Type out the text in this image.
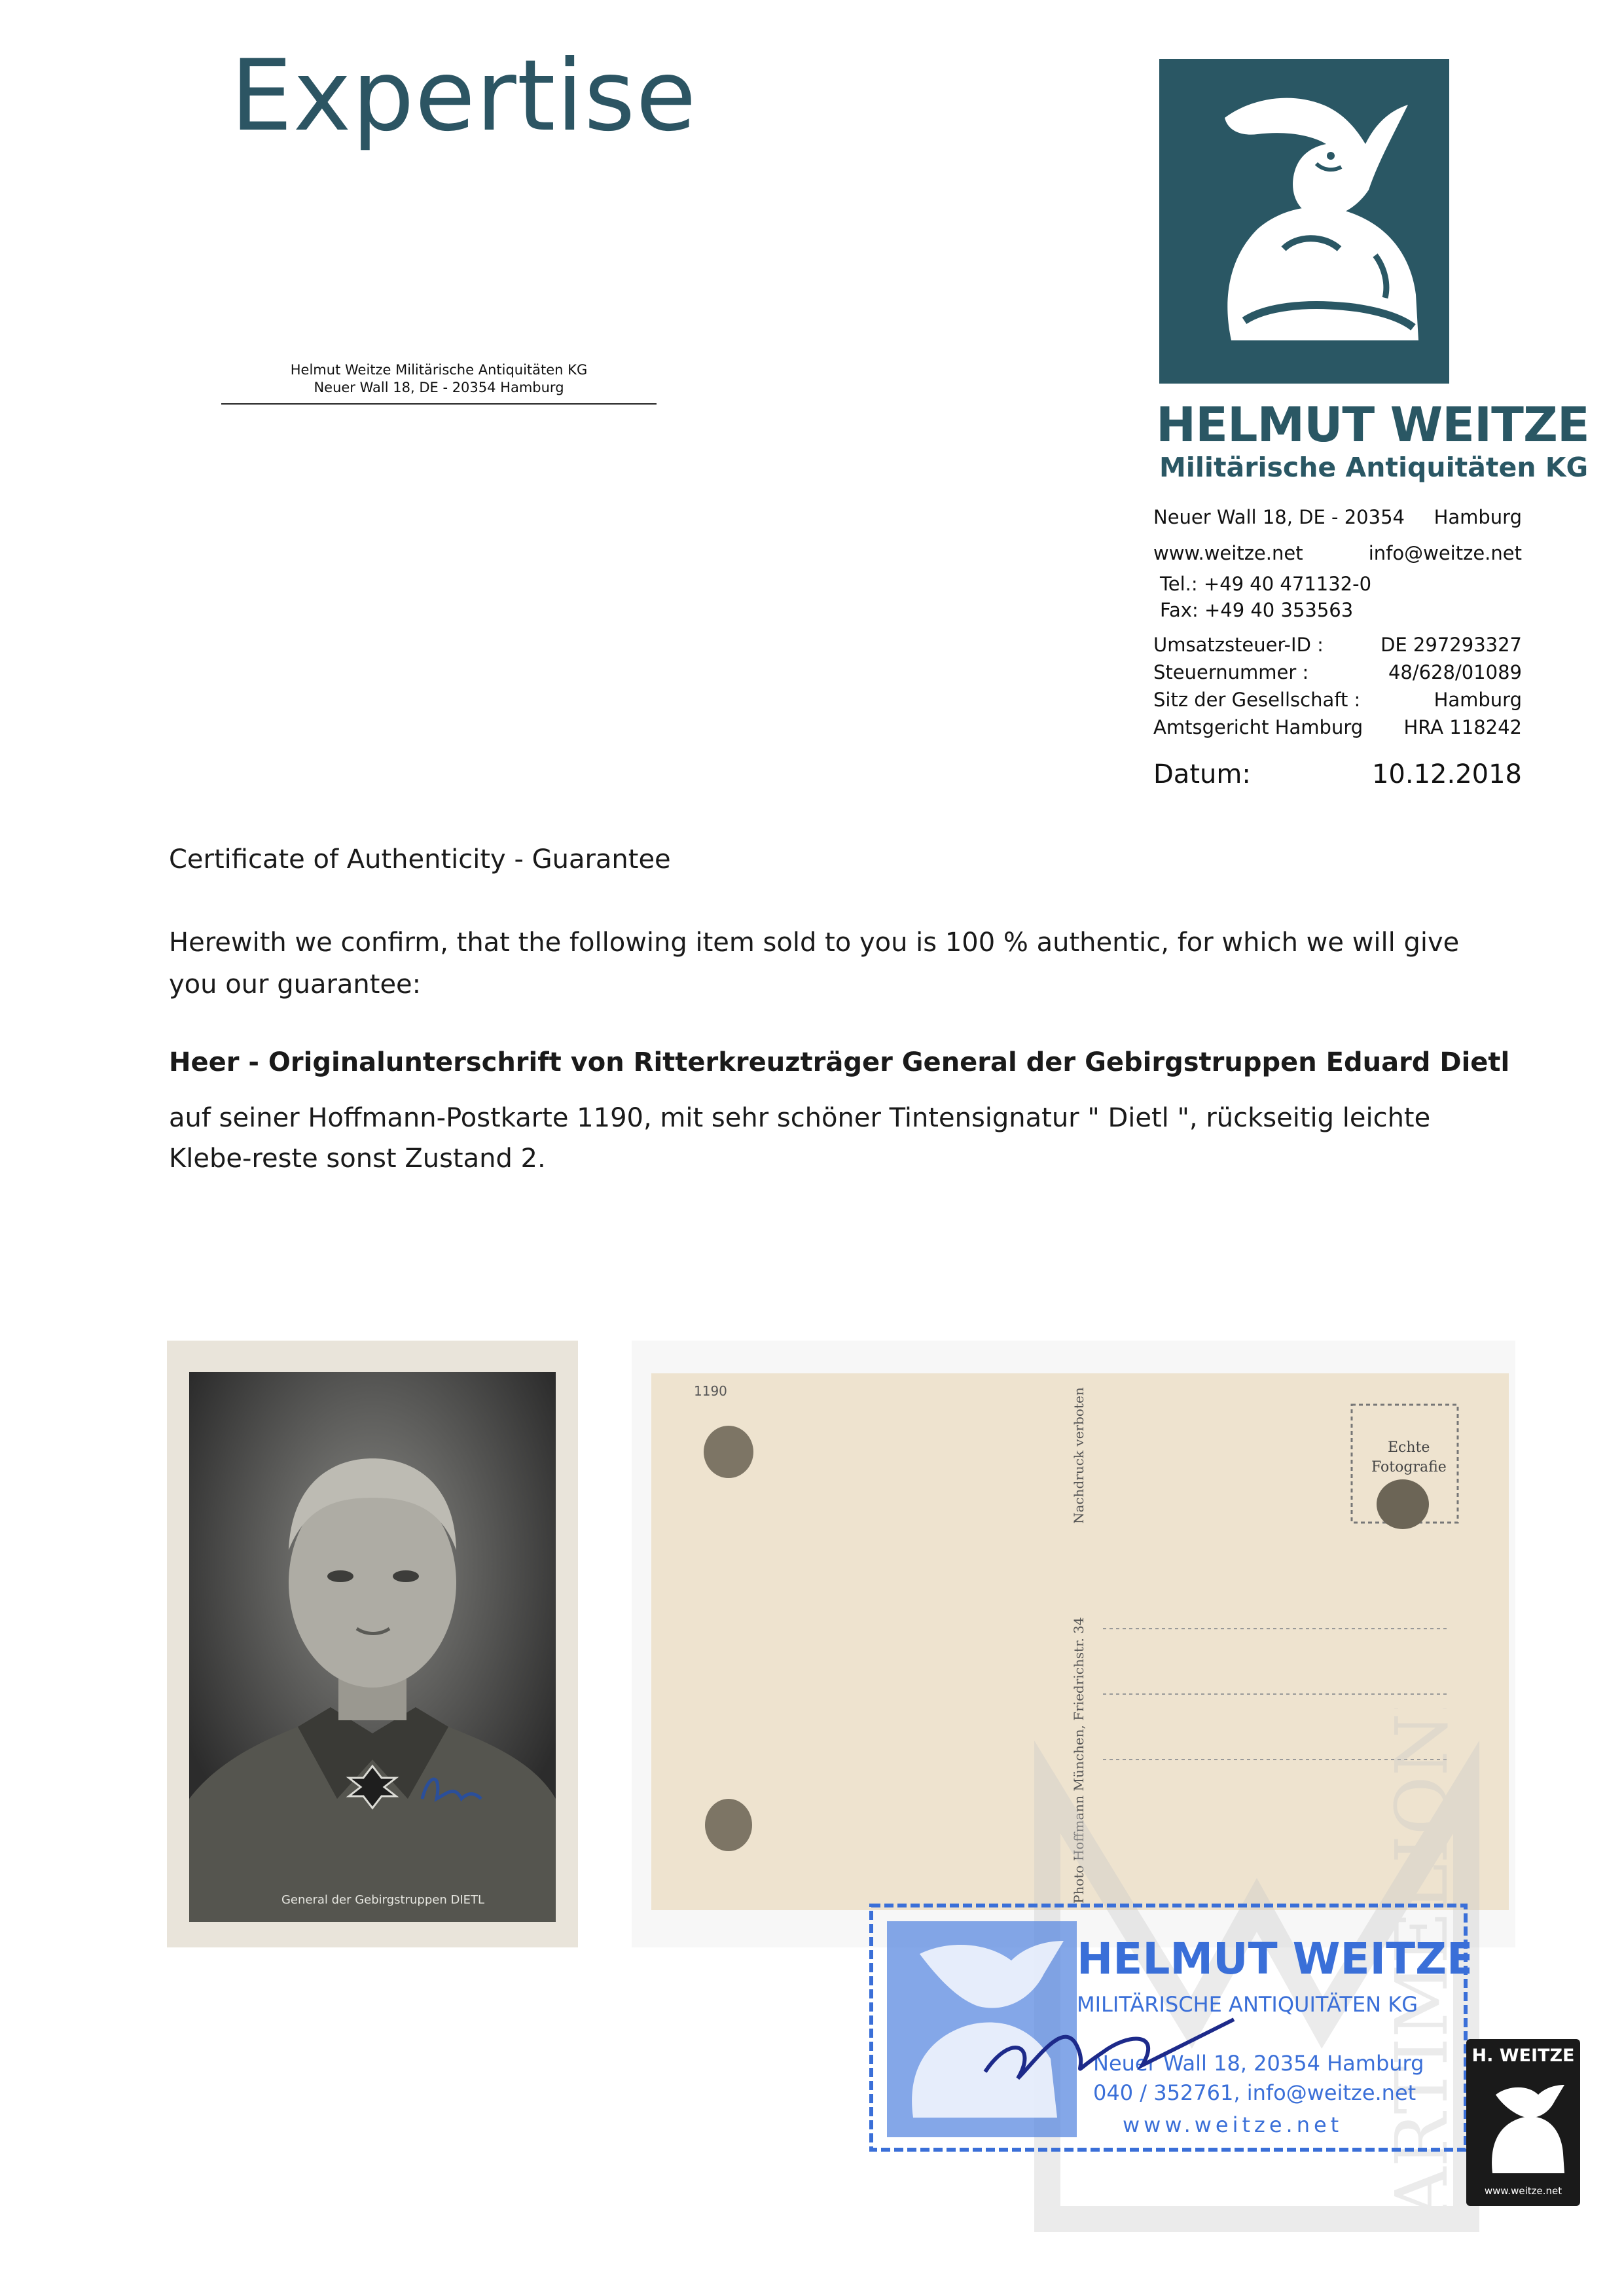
Expertise
Helmut Weitze Militärische Antiquitäten KG
Neuer Wall 18, DE - 20354 Hamburg
HELMUT WEITZE
Militärische Antiquitäten KG
Neuer Wall 18, DE - 20354 Hamburg
www.weitze.net	info@weitze.net
Tel.: +49 40 471132-0
Fax: +49 40 353563
Umsatzsteuer-ID :	DE 297293327
Steuernummer :	48/628/01089
Sitz der Gesellschaft :	Hamburg
Amtsgericht Hamburg HRA 118242
Datum:	10.12.2018
Certificate of Authenticity - Guarantee
Herewith we confirm, that the following item sold to you is 100 % authentic, for which we will give you our guarantee:
Heer - Originalunterschrift von Ritterkreuzträger General der Gebirgstruppen Eduard Dietl
auf seiner Hoffmann-Postkarte 1190, mit sehr schöner Tintensignatur " Dietl ", rückseitig leichte Klebe-reste sonst Zustand 2.
General der Gebirgstruppen DIETL
1190	Nachdruck verboten
Photo Hoffmann München, Friedrichstr. 34
Echte
Fotografie
ARTIMELIONIA
HELMUT WEITZE
MILITÄRISCHE ANTIQUITÄTEN KG
Neuer Wall 18, 20354 Hamburg
040 / 352761, info@weitze.net
www.weitze.net
H. WEITZE
www.weitze.net
